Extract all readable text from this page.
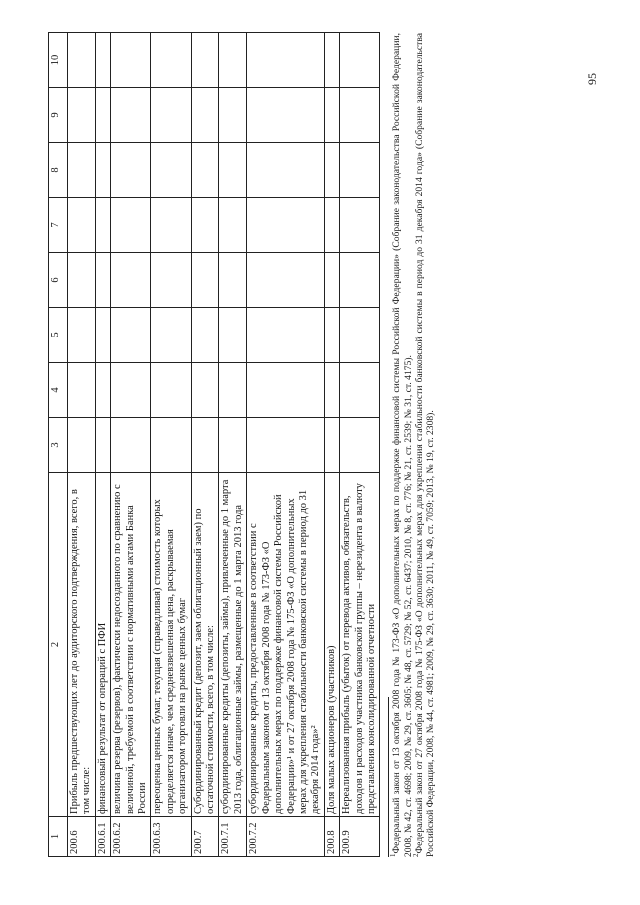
1	2	3	4	5	6	7	8	9	10
200.6	Прибыль предшествующих лет до аудиторского подтверждения, всего, в том числе:								
200.6.1	финансовый результат от операций с ПФИ								
200.6.2	величина резерва (резервов), фактически недосозданного по сравнению с величиной, требуемой в соответствии с нормативными актами Банка России								
200.6.3	переоценка ценных бумаг, текущая (справедливая) стоимость которых определяется иначе, чем средневзвешенная цена, раскрываемая организатором торговли на рынке ценных бумаг								
200.7	Субординированный кредит (депозит, заем облигационный заем) по остаточной стоимости, всего, в том числе:								
200.7.1	субординированные кредиты (депозиты, займы), привлеченные до 1 марта 2013 года, облигационные займы, размещенные до 1 марта 2013 года								
200.7.2	субординированные кредиты, предоставленные в соответствии с Федеральным законом от 13 октября 2008 года № 173-ФЗ «О дополнительных мерах по поддержке финансовой системы Российской Федерации»¹ и от 27 октября 2008 года № 175-ФЗ «О дополнительных мерах для укрепления стабильности банковской системы в период до 31 декабря 2014 года»²								
200.8	Доля малых акционеров (участников)								
200.9	Нереализованная прибыль (убыток) от перевода активов, обязательств, доходов и расходов участника банковской группы – нерезидента в валюту представления консолидированной отчетности								

$^1$Федеральный закон от 13 октября 2008 года № 173-ФЗ «О дополнительных мерах по поддержке финансовой системы Российской Федерации» (Собрание законодательства Российской Федерации, 2008, № 42, ст. 4698; 2009, № 29, ст. 3605; № 48, ст. 5729; № 52, ст. 6437; 2010, № 8, ст. 776; № 21, ст. 2539; № 31, ст. 4175).

$^2$Федеральный закон от 27 октября 2008 года № 175-ФЗ «О дополнительных мерах для укрепления стабильности банковской системы в период до 31 декабря 2014 года» (Собрание законодательства Российской Федерации, 2008, № 44, ст. 4981; 2009, № 29, ст. 3630; 2011, № 49, ст. 7059; 2013, № 19, ст. 2308).

95
